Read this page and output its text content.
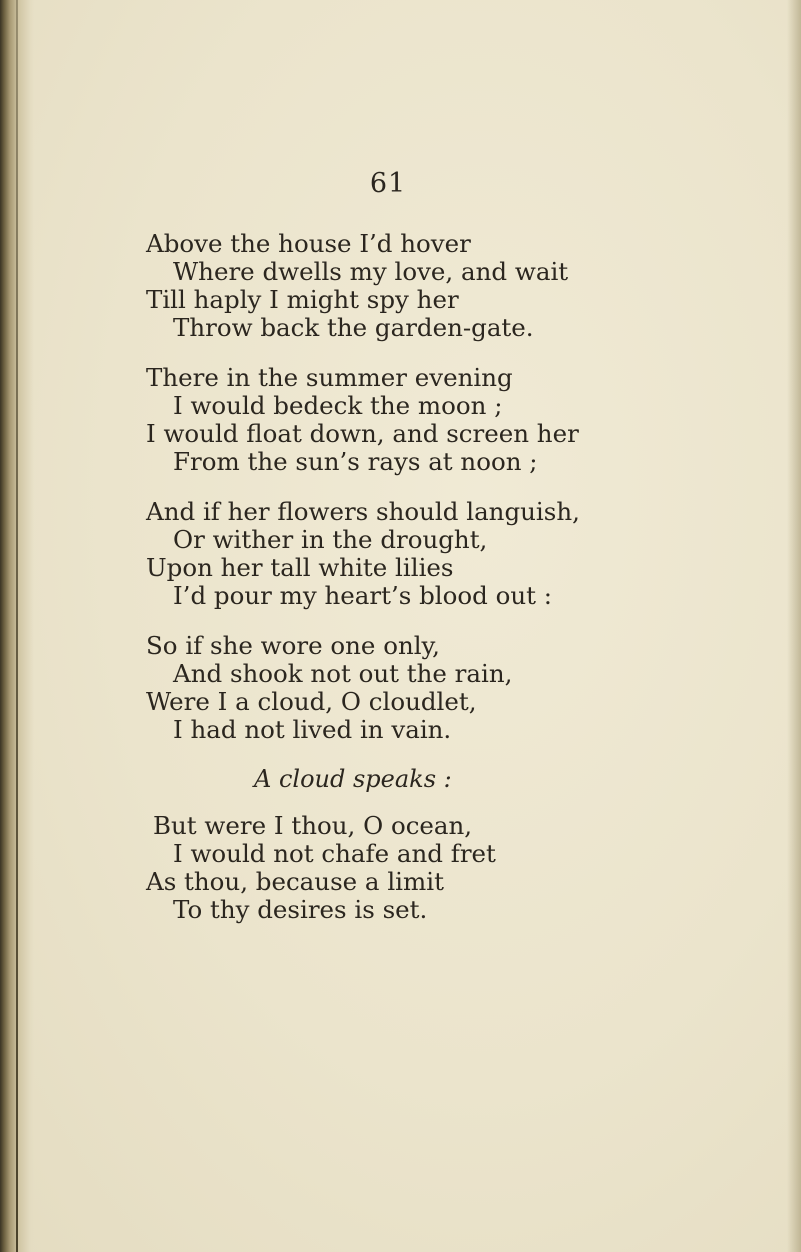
61
Above the house I’d hover
Where dwells my love, and wait
Till haply I might spy her
Throw back the garden-gate.
There in the summer evening
I would bedeck the moon ;
I would float down, and screen her
From the sun’s rays at noon ;
And if her flowers should languish,
Or wither in the drought,
Upon her tall white lilies
I’d pour my heart’s blood out :
So if she wore one only,
And shook not out the rain,
Were I a cloud, O cloudlet,
I had not lived in vain.
A cloud speaks :
But were I thou, O ocean,
I would not chafe and fret
As thou, because a limit
To thy desires is set.
